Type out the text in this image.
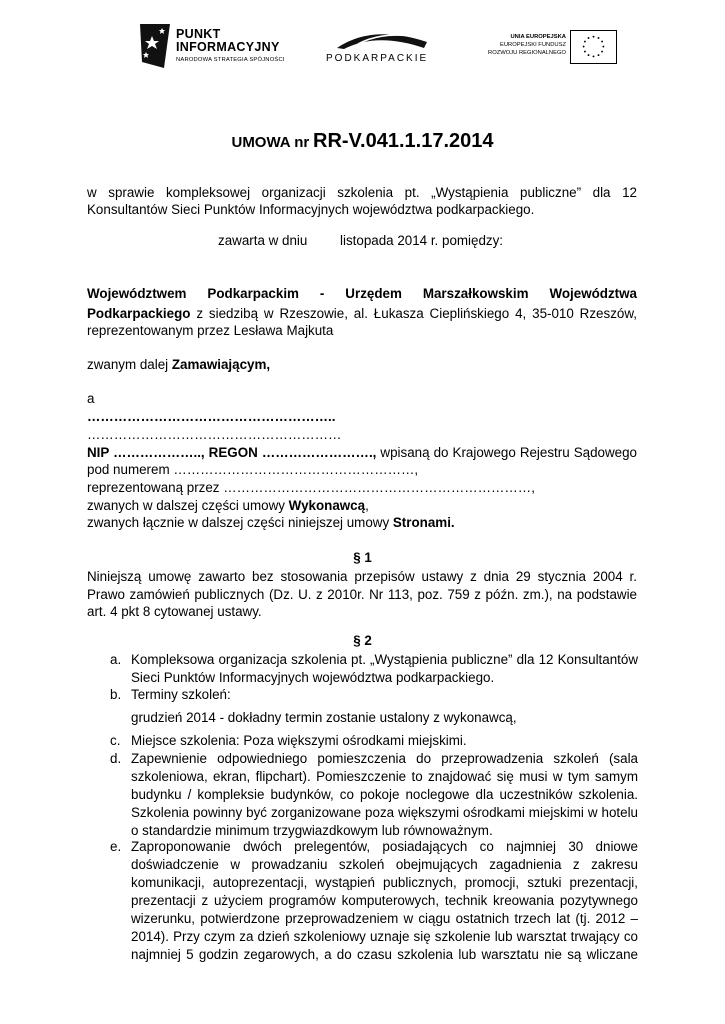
PUNKT
INFORMACYJNY
NARODOWA STRATEGIA SPÓJNOŚCI	PODKARPACKIE
UNIA EUROPEJSKA
EUROPEJSKI FUNDUSZ
ROZWOJU REGIONALNEGO
UMOWA nr RR-V.041.1.17.2014
w sprawie kompleksowej organizacji szkolenia pt. „Wystąpienia publiczne” dla 12
Konsultantów Sieci Punktów Informacyjnych województwa podkarpackiego.
zawarta w dniu listopada 2014 r. pomiędzy:
Województwem Podkarpackim - Urzędem Marszałkowskim Województwa
Podkarpackiego z siedzibą w Rzeszowie, al. Łukasza Cieplińskiego 4, 35-010 Rzeszów,
reprezentowanym przez Lesława Majkuta
zwanym dalej Zamawiającym,
a
………………………………………………..
…………………………………………………
NIP ……………….., REGON ……………………., wpisaną do Krajowego Rejestru Sądowego
pod numerem ………………………………………………,
reprezentowaną przez ……………………………………………………………,
zwanych w dalszej części umowy Wykonawcą,
zwanych łącznie w dalszej części niniejszej umowy Stronami.
§ 1
Niniejszą umowę zawarto bez stosowania przepisów ustawy z dnia 29 stycznia 2004 r.
Prawo zamówień publicznych (Dz. U. z 2010r. Nr 113, poz. 759 z późn. zm.), na podstawie
art. 4 pkt 8 cytowanej ustawy.
§ 2
a. Kompleksowa organizacja szkolenia pt. „Wystąpienia publiczne” dla 12 Konsultantów Sieci Punktów Informacyjnych województwa podkarpackiego.
b. Terminy szkoleń:
grudzień 2014 - dokładny termin zostanie ustalony z wykonawcą,
c. Miejsce szkolenia: Poza większymi ośrodkami miejskimi.
d. Zapewnienie odpowiedniego pomieszczenia do przeprowadzenia szkoleń (sala szkoleniowa, ekran, flipchart). Pomieszczenie to znajdować się musi w tym samym budynku / kompleksie budynków, co pokoje noclegowe dla uczestników szkolenia. Szkolenia powinny być zorganizowane poza większymi ośrodkami miejskimi w hotelu o standardzie minimum trzygwiazdkowym lub równoważnym.
e. Zaproponowanie dwóch prelegentów, posiadających co najmniej 30 dniowe doświadczenie w prowadzaniu szkoleń obejmujących zagadnienia z zakresu komunikacji, autoprezentacji, wystąpień publicznych, promocji, sztuki prezentacji, prezentacji z użyciem programów komputerowych, technik kreowania pozytywnego wizerunku, potwierdzone przeprowadzeniem w ciągu ostatnich trzech lat (tj. 2012 – 2014). Przy czym za dzień szkoleniowy uznaje się szkolenie lub warsztat trwający co najmniej 5 godzin zegarowych, a do czasu szkolenia lub warsztatu nie są wliczane
